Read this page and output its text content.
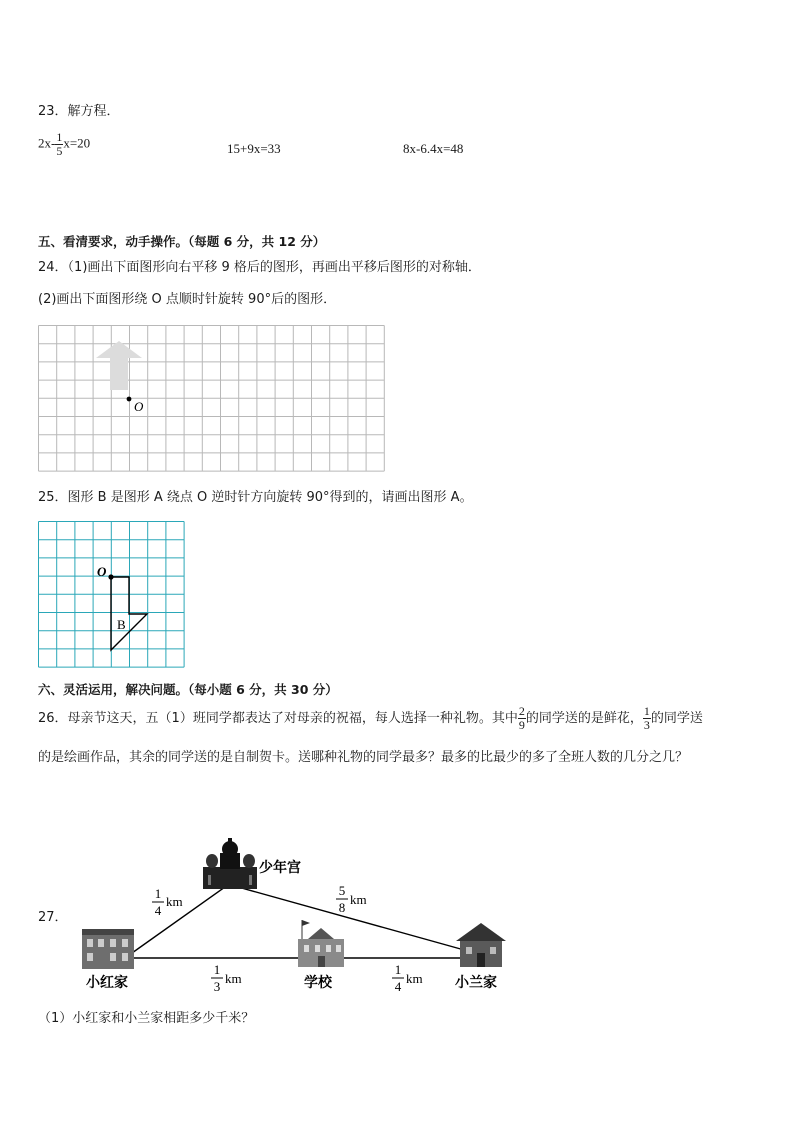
23．解方程．
$2x- \frac{1}{5} x=20$	15+9x=33	8x-6.4x=48
五、看清要求，动手操作。（每题 6 分，共 12 分）
24．（1)画出下面图形向右平移 9 格后的图形，再画出平移后图形的对称轴．
(2)画出下面图形绕 O 点顺时针旋转 90°后的图形．
O
25．图形 B 是图形 A 绕点 O 逆时针方向旋转 90°得到的，请画出图形 A。
O
B
六、灵活运用，解决问题。（每小题 6 分，共 30 分）
26．母亲节这天，五（1）班同学都表达了对母亲的祝福，每人选择一种礼物。其中 $\frac{2}{9}$ 的同学送的是鲜花， $\frac{1}{3}$ 的同学送
的是绘画作品，其余的同学送的是自制贺卡。送哪种礼物的同学最多？最多的比最少的多了全班人数的几分之几？
27．
少年宫
小红家	学校	小兰家
1
4
km
5
8
km
1
3
km
1
4
km
（1）小红家和小兰家相距多少千米？
